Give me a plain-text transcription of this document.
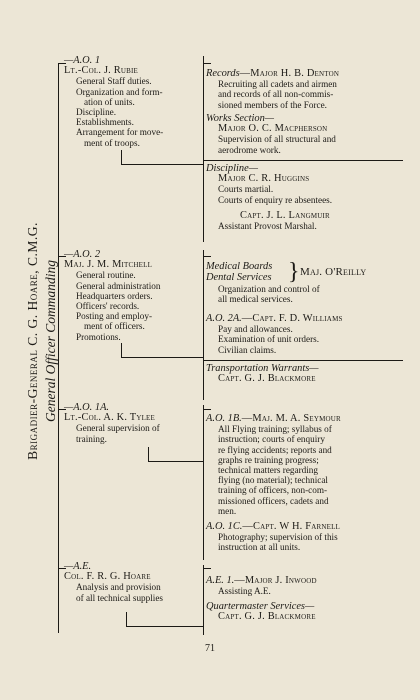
Brigadier-General C. G. Hoare, C.M.G. General Officer Commanding
—A.O. 1
Lt.-Col. J. Rubie
General Staff duties.
Organization and form-
ation of units.
Discipline.
Establishments.
Arrangement for move-
ment of troops.
—A.O. 2
Maj. J. M. Mitchell
General routine.
General administration
Headquarters orders.
Officers' records.
Posting and employ-
ment of officers.
Promotions.
—A.O. 1A.
Lt.-Col. A. K. Tylee
General supervision of
training.
—A.E.
Col. F. R. G. Hoare
Analysis and provision
of all technical supplies
Records—Major H. B. Denton
Recruiting all cadets and airmen
and records of all non-commis-
sioned members of the Force.
Works Section—
Major O. C. Macpherson
Supervision of all structural and
aerodrome work.
Discipline—
Major C. R. Huggins
Courts martial.
Courts of enquiry re absentees.
Capt. J. L. Langmuir
Assistant Provost Marshal.
Medical Boards
Dental Services } Maj. O'Reilly
Organization and control of
all medical services.
A.O. 2A.—Capt. F. D. Williams
Pay and allowances.
Examination of unit orders.
Civilian claims.
Transportation Warrants—
Capt. G. J. Blackmore
A.O. 1B.—Maj. M. A. Seymour
All Flying training; syllabus of
instruction; courts of enquiry
re flying accidents; reports and
graphs re training progress;
technical matters regarding
flying (no material); technical
training of officers, non-com-
missioned officers, cadets and
men.
A.O. 1C.—Capt. W H. Farnell
Photography; supervision of this
instruction at all units.
A.E. 1.—Major J. Inwood
Assisting A.E.
Quartermaster Services—
Capt. G. J. Blackmore
71
